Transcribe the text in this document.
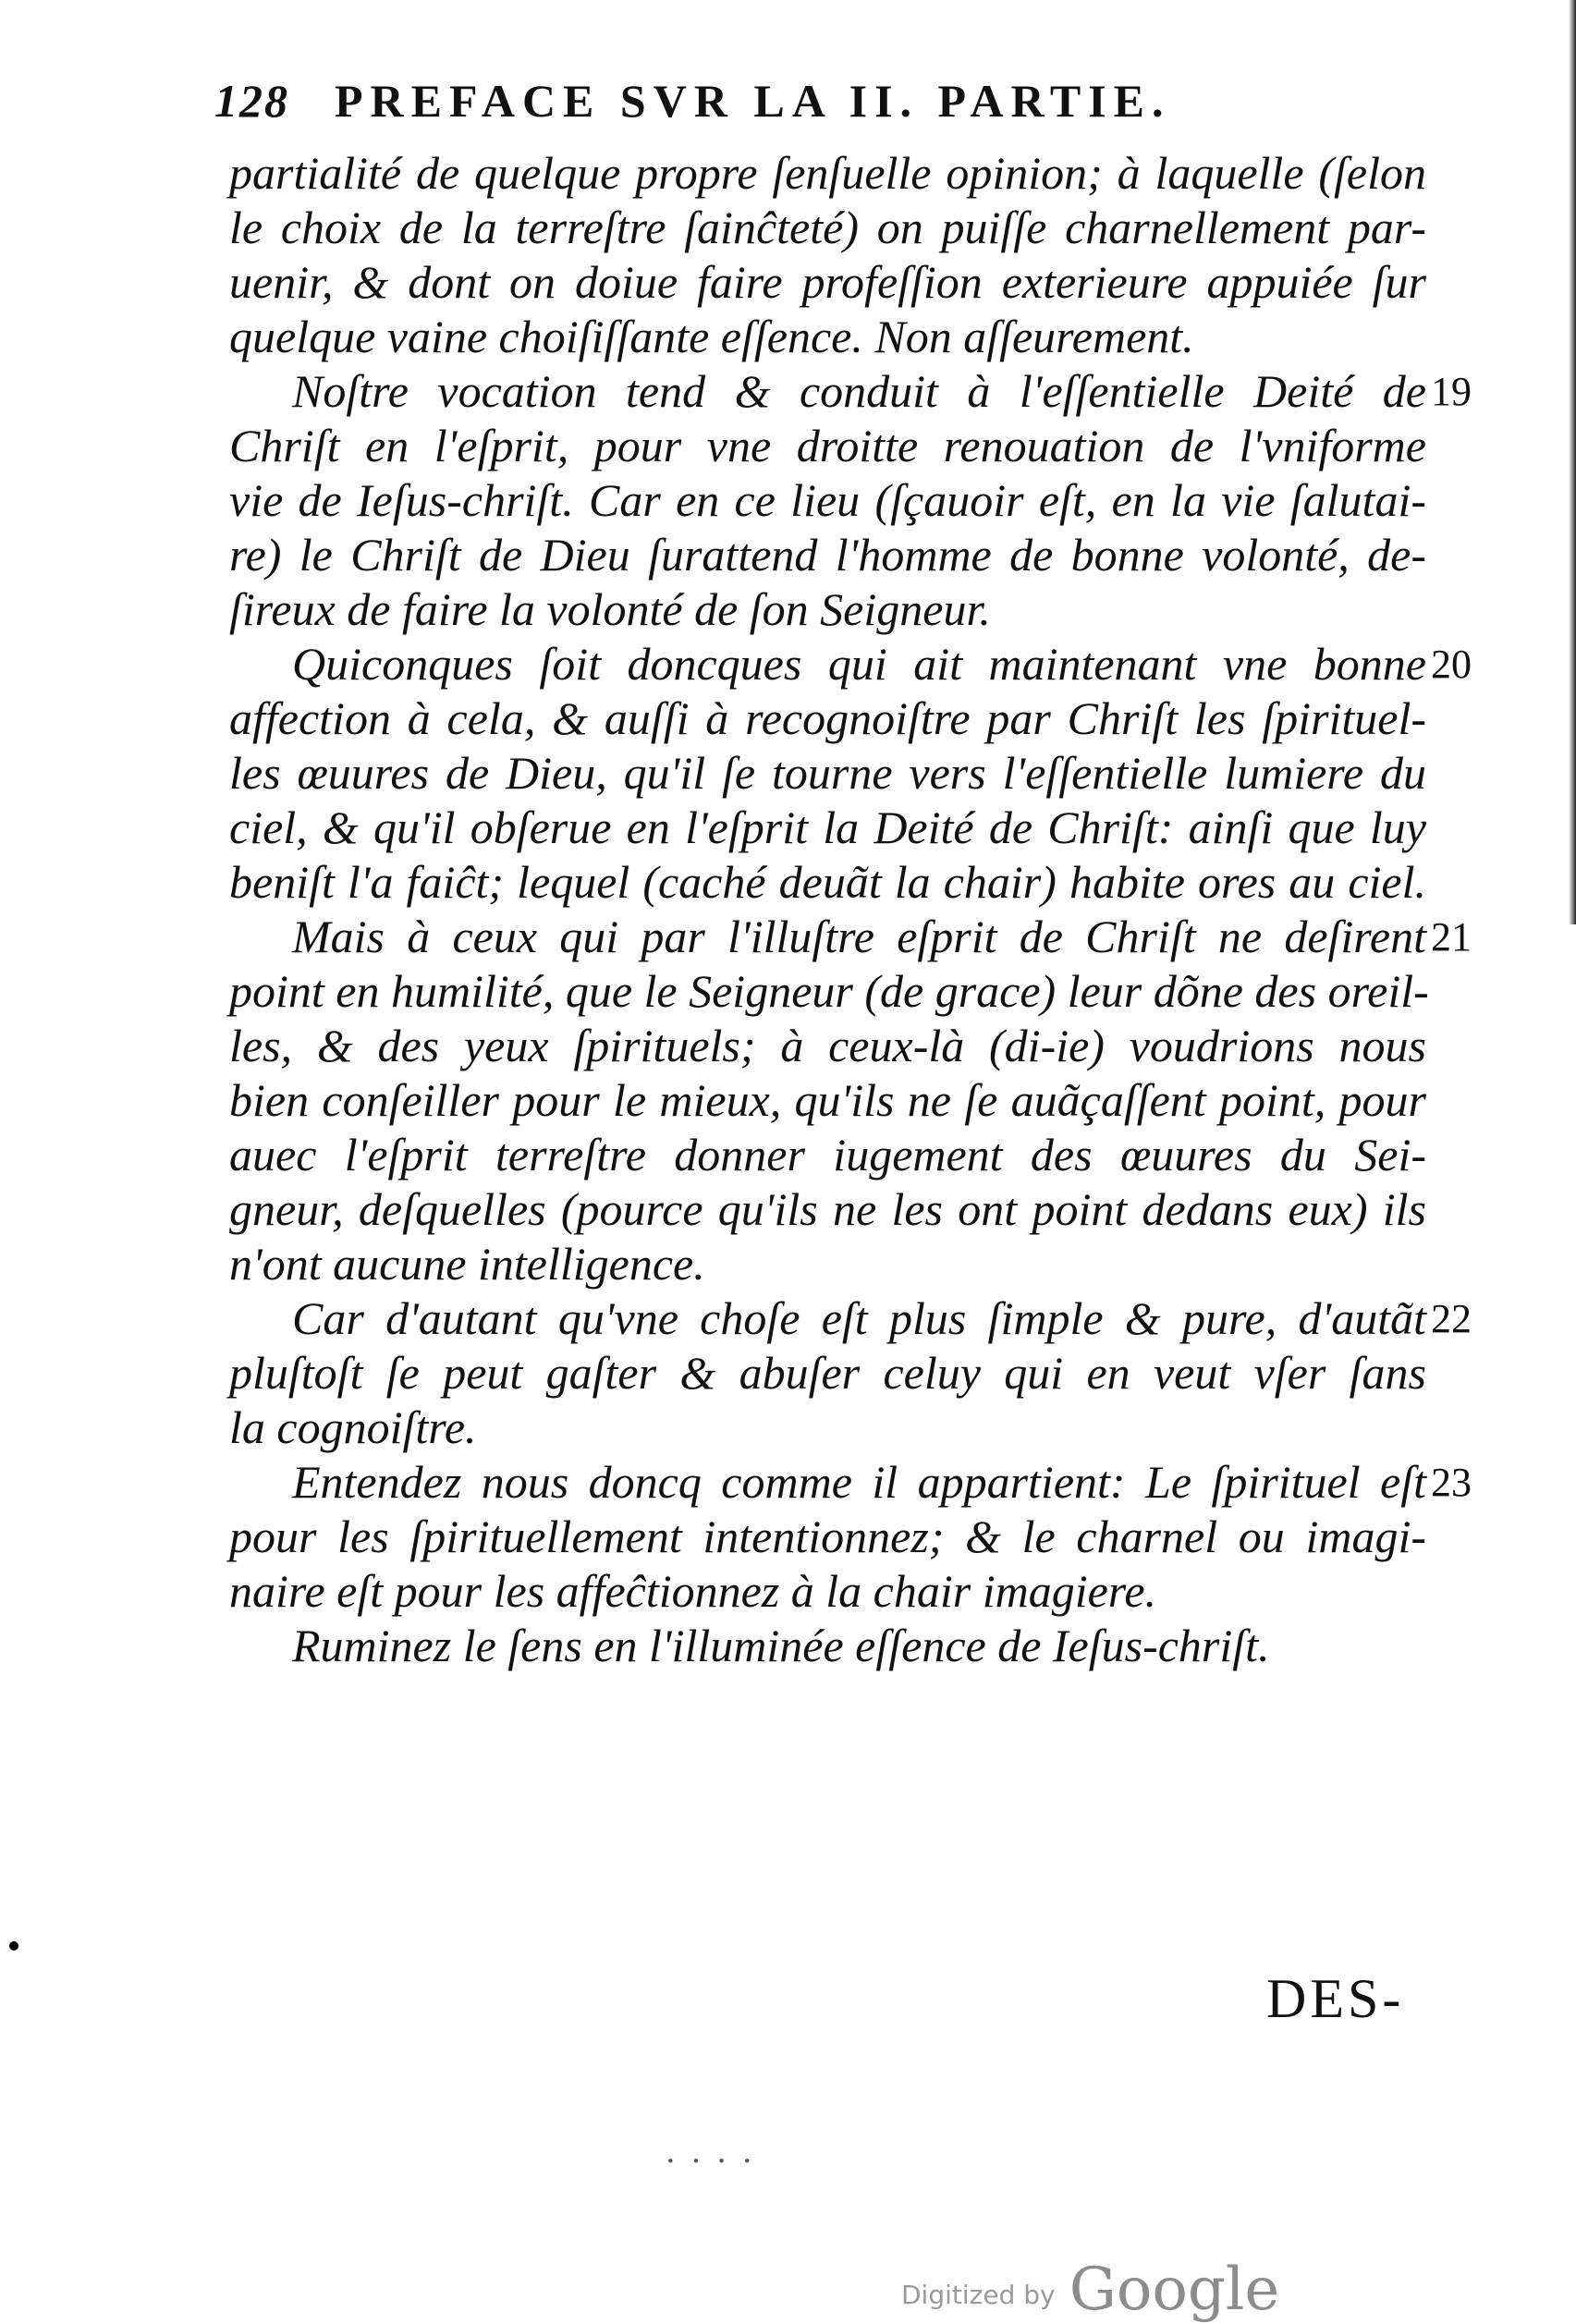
128 PREFACE SVR LA II. PARTIE.
partialité de quelque propre ſenſuelle opinion; à laquelle (ſelon
le choix de la terreſtre ſainĉteté) on puiſſe charnellement par-
uenir, & dont on doiue faire profeſſion exterieure appuiée ſur
quelque vaine choiſiſſante eſſence. Non aſſeurement.
19
Noſtre vocation tend & conduit à l'eſſentielle Deité de
Chriſt en l'eſprit, pour vne droitte renouation de l'vniforme
vie de Ieſus-chriſt. Car en ce lieu (ſçauoir eſt, en la vie ſalutai-
re) le Chriſt de Dieu ſurattend l'homme de bonne volonté, de-
ſireux de faire la volonté de ſon Seigneur.
20
Quiconques ſoit doncques qui ait maintenant vne bonne
affection à cela, & auſſi à recognoiſtre par Chriſt les ſpirituel-
les œuures de Dieu, qu'il ſe tourne vers l'eſſentielle lumiere du
ciel, & qu'il obſerue en l'eſprit la Deité de Chriſt: ainſi que luy
beniſt l'a faiĉt; lequel (caché deuãt la chair) habite ores au ciel.
21
Mais à ceux qui par l'illuſtre eſprit de Chriſt ne deſirent
point en humilité, que le Seigneur (de grace) leur dõne des oreil-
les, & des yeux ſpirituels; à ceux-là (di-ie) voudrions nous
bien conſeiller pour le mieux, qu'ils ne ſe auãçaſſent point, pour
auec l'eſprit terreſtre donner iugement des œuures du Sei-
gneur, deſquelles (pource qu'ils ne les ont point dedans eux) ils
n'ont aucune intelligence.
22
Car d'autant qu'vne choſe eſt plus ſimple & pure, d'autãt
pluſtoſt ſe peut gaſter & abuſer celuy qui en veut vſer ſans
la cognoiſtre.
23
Entendez nous doncq comme il appartient: Le ſpirituel eſt
pour les ſpirituellement intentionnez; & le charnel ou imagi-
naire eſt pour les affeĉtionnez à la chair imagiere.
Ruminez le ſens en l'illuminée eſſence de Ieſus-chriſt.
DES-
· · · ·
Digitized by Google
